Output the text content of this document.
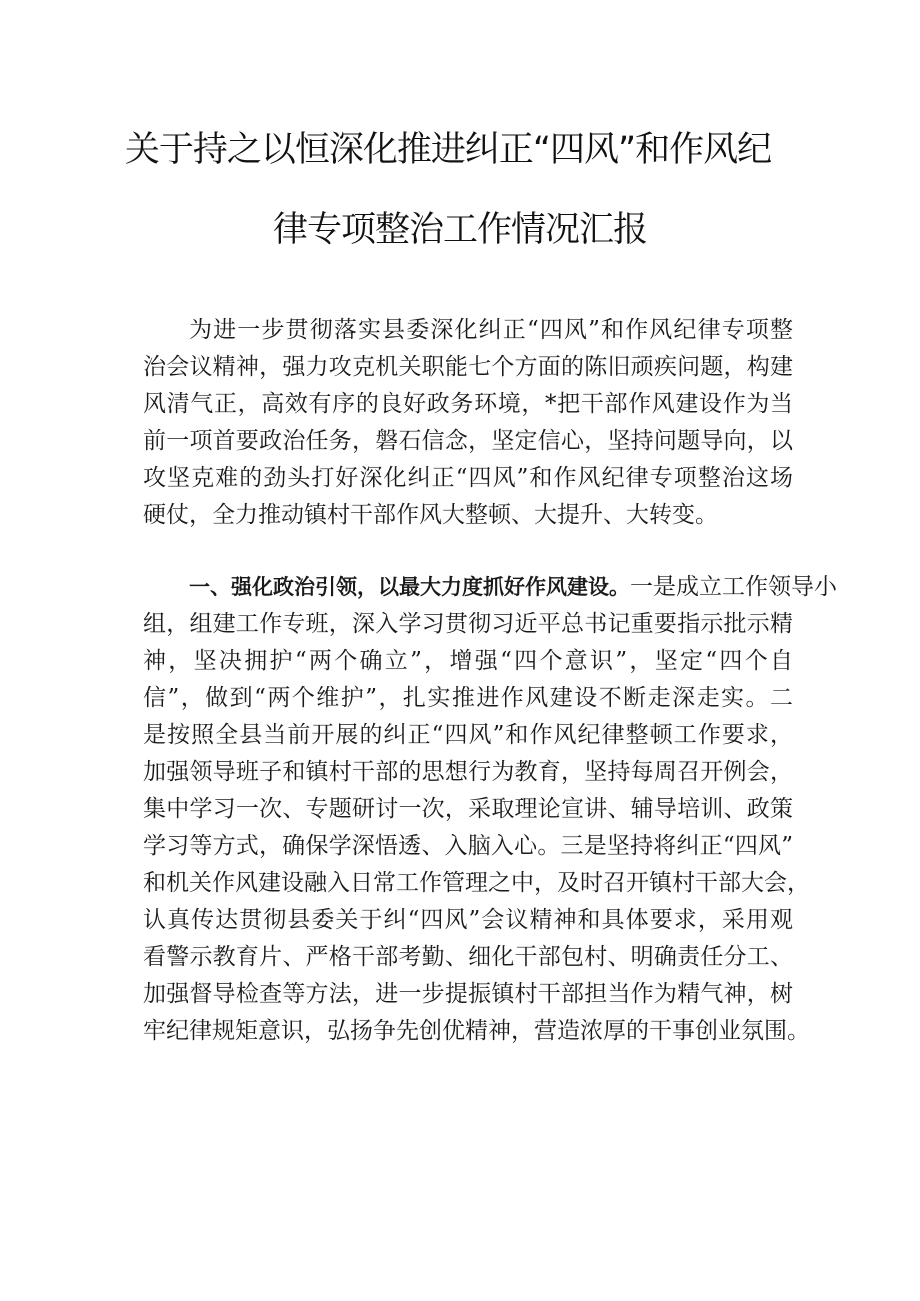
关于持之以恒深化推进纠正“四风”和作风纪
律专项整治工作情况汇报
为进一步贯彻落实县委深化纠正“四风”和作风纪律专项整
治会议精神，强力攻克机关职能七个方面的陈旧顽疾问题，构建
风清气正，高效有序的良好政务环境，*把干部作风建设作为当
前一项首要政治任务，磐石信念，坚定信心，坚持问题导向，以
攻坚克难的劲头打好深化纠正“四风”和作风纪律专项整治这场
硬仗，全力推动镇村干部作风大整顿、大提升、大转变。
一、强化政治引领，以最大力度抓好作风建设。一是成立工作领导小
组，组建工作专班，深入学习贯彻习近平总书记重要指示批示精
神，坚决拥护“两个确立”，增强“四个意识”，坚定“四个自
信”，做到“两个维护”，扎实推进作风建设不断走深走实。二
是按照全县当前开展的纠正“四风”和作风纪律整顿工作要求，
加强领导班子和镇村干部的思想行为教育，坚持每周召开例会，
集中学习一次、专题研讨一次，采取理论宣讲、辅导培训、政策
学习等方式，确保学深悟透、入脑入心。三是坚持将纠正“四风”
和机关作风建设融入日常工作管理之中，及时召开镇村干部大会，
认真传达贯彻县委关于纠“四风”会议精神和具体要求，采用观
看警示教育片、严格干部考勤、细化干部包村、明确责任分工、
加强督导检查等方法，进一步提振镇村干部担当作为精气神，树
牢纪律规矩意识，弘扬争先创优精神，营造浓厚的干事创业氛围。
